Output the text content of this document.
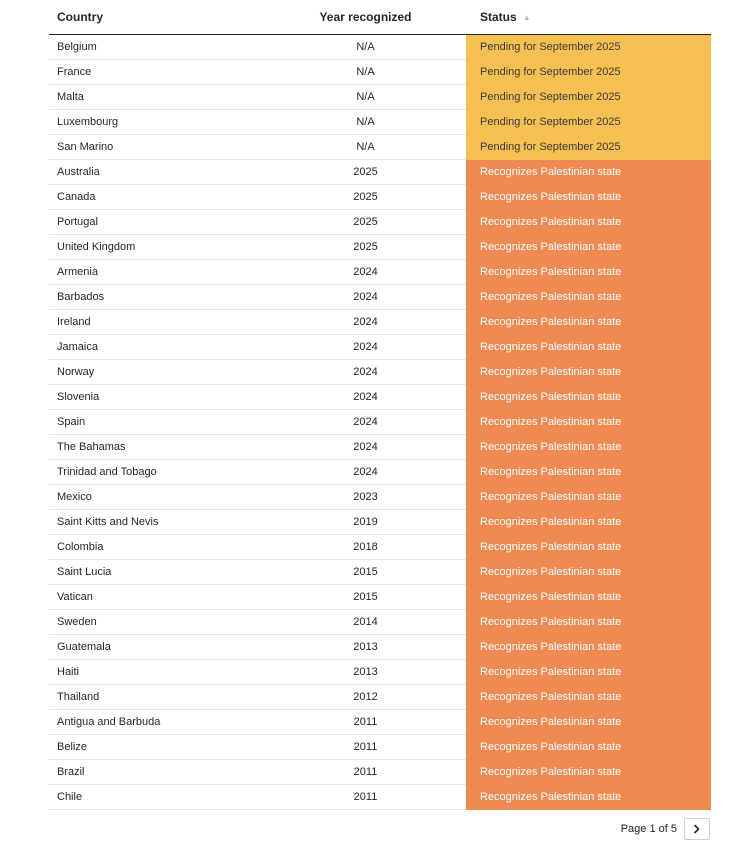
Country	Year recognized	Status ▲
Belgium	N/A	Pending for September 2025
France	N/A	Pending for September 2025
Malta	N/A	Pending for September 2025
Luxembourg	N/A	Pending for September 2025
San Marino	N/A	Pending for September 2025
Australia	2025	Recognizes Palestinian state
Canada	2025	Recognizes Palestinian state
Portugal	2025	Recognizes Palestinian state
United Kingdom	2025	Recognizes Palestinian state
Armenia	2024	Recognizes Palestinian state
Barbados	2024	Recognizes Palestinian state
Ireland	2024	Recognizes Palestinian state
Jamaica	2024	Recognizes Palestinian state
Norway	2024	Recognizes Palestinian state
Slovenia	2024	Recognizes Palestinian state
Spain	2024	Recognizes Palestinian state
The Bahamas	2024	Recognizes Palestinian state
Trinidad and Tobago	2024	Recognizes Palestinian state
Mexico	2023	Recognizes Palestinian state
Saint Kitts and Nevis	2019	Recognizes Palestinian state
Colombia	2018	Recognizes Palestinian state
Saint Lucia	2015	Recognizes Palestinian state
Vatican	2015	Recognizes Palestinian state
Sweden	2014	Recognizes Palestinian state
Guatemala	2013	Recognizes Palestinian state
Haiti	2013	Recognizes Palestinian state
Thailand	2012	Recognizes Palestinian state
Antigua and Barbuda	2011	Recognizes Palestinian state
Belize	2011	Recognizes Palestinian state
Brazil	2011	Recognizes Palestinian state
Chile	2011	Recognizes Palestinian state
Page 1 of 5
